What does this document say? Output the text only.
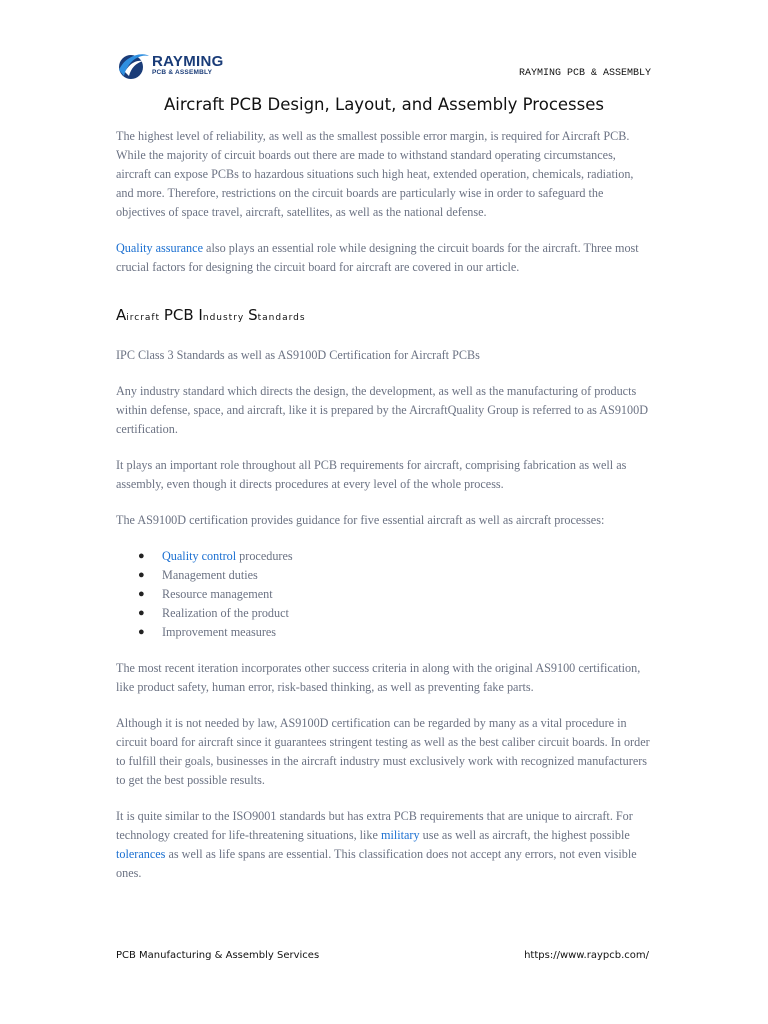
RAYMING
PCB & ASSEMBLY	RAYMING PCB & ASSEMBLY
Aircraft PCB Design, Layout, and Assembly Processes

The highest level of reliability, as well as the smallest possible error margin, is required for Aircraft PCB. While the majority of circuit boards out there are made to withstand standard operating circumstances, aircraft can expose PCBs to hazardous situations such high heat, extended operation, chemicals, radiation, and more. Therefore, restrictions on the circuit boards are particularly wise in order to safeguard the objectives of space travel, aircraft, satellites, as well as the national defense.

Quality assurance also plays an essential role while designing the circuit boards for the aircraft. Three most crucial factors for designing the circuit board for aircraft are covered in our article.

Aircraft PCB Industry Standards

IPC Class 3 Standards as well as AS9100D Certification for Aircraft PCBs

Any industry standard which directs the design, the development, as well as the manufacturing of products within defense, space, and aircraft, like it is prepared by the AircraftQuality Group is referred to as AS9100D certification.

It plays an important role throughout all PCB requirements for aircraft, comprising fabrication as well as assembly, even though it directs procedures at every level of the whole process.

The AS9100D certification provides guidance for five essential aircraft as well as aircraft processes:

● Quality control procedures
● Management duties
● Resource management
● Realization of the product
● Improvement measures

The most recent iteration incorporates other success criteria in along with the original AS9100 certification, like product safety, human error, risk-based thinking, as well as preventing fake parts.

Although it is not needed by law, AS9100D certification can be regarded by many as a vital procedure in circuit board for aircraft since it guarantees stringent testing as well as the best caliber circuit boards. In order to fulfill their goals, businesses in the aircraft industry must exclusively work with recognized manufacturers to get the best possible results.

It is quite similar to the ISO9001 standards but has extra PCB requirements that are unique to aircraft. For technology created for life-threatening situations, like military use as well as aircraft, the highest possible tolerances as well as life spans are essential. This classification does not accept any errors, not even visible ones.

PCB Manufacturing & Assembly Services	https://www.raypcb.com/
